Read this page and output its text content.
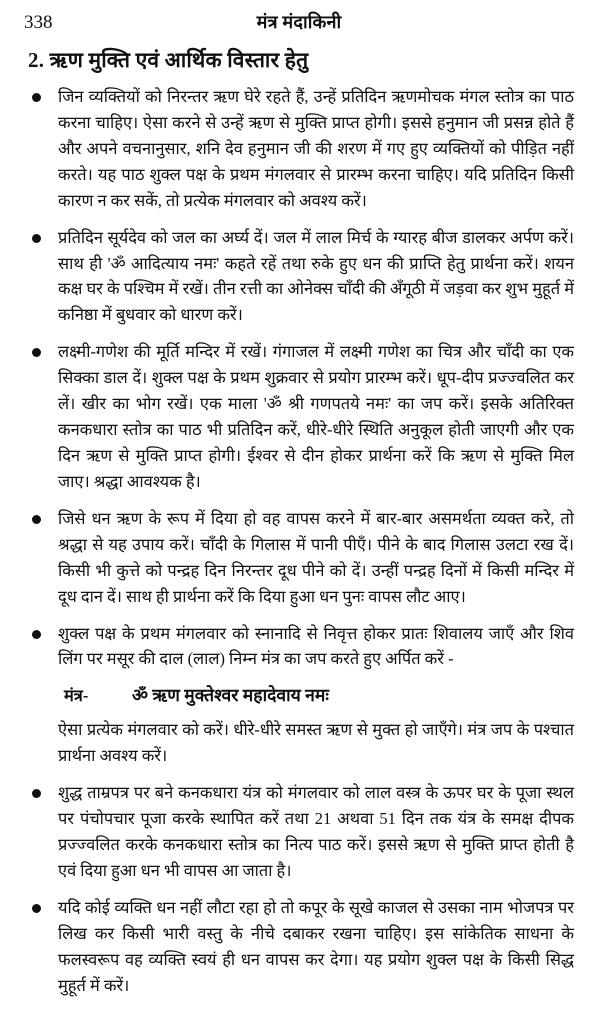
338	मंत्र मंदाकिनी
2. ऋण मुक्ति एवं आर्थिक विस्तार हेतु
जिन व्यक्तियों को निरन्तर ऋण घेरे रहते हैं, उन्हें प्रतिदिन ऋणमोचक मंगल स्तोत्र का पाठ करना चाहिए। ऐसा करने से उन्हें ऋण से मुक्ति प्राप्त होगी। इससे हनुमान जी प्रसन्न होते हैं और अपने वचनानुसार, शनि देव हनुमान जी की शरण में गए हुए व्यक्तियों को पीड़ित नहीं करते। यह पाठ शुक्ल पक्ष के प्रथम मंगलवार से प्रारम्भ करना चाहिए। यदि प्रतिदिन किसी कारण न कर सकें, तो प्रत्येक मंगलवार को अवश्य करें।
प्रतिदिन सूर्यदेव को जल का अर्घ्य दें। जल में लाल मिर्च के ग्यारह बीज डालकर अर्पण करें। साथ ही 'ॐ आदित्याय नमः' कहते रहें तथा रुके हुए धन की प्राप्ति हेतु प्रार्थना करें। शयन कक्ष घर के पश्चिम में रखें। तीन रत्ती का ओनेक्स चाँदी की अँगूठी में जड़वा कर शुभ मुहूर्त में कनिष्ठा में बुधवार को धारण करें।
लक्ष्मी-गणेश की मूर्ति मन्दिर में रखें। गंगाजल में लक्ष्मी गणेश का चित्र और चाँदी का एक सिक्का डाल दें। शुक्ल पक्ष के प्रथम शुक्रवार से प्रयोग प्रारम्भ करें। धूप-दीप प्रज्ज्वलित कर लें। खीर का भोग रखें। एक माला 'ॐ श्री गणपतये नमः' का जप करें। इसके अतिरिक्त कनकधारा स्तोत्र का पाठ भी प्रतिदिन करें, धीरे-धीरे स्थिति अनुकूल होती जाएगी और एक दिन ऋण से मुक्ति प्राप्त होगी। ईश्वर से दीन होकर प्रार्थना करें कि ऋण से मुक्ति मिल जाए। श्रद्धा आवश्यक है।
जिसे धन ऋण के रूप में दिया हो वह वापस करने में बार-बार असमर्थता व्यक्त करे, तो श्रद्धा से यह उपाय करें। चाँदी के गिलास में पानी पीएँ। पीने के बाद गिलास उलटा रख दें। किसी भी कुत्ते को पन्द्रह दिन निरन्तर दूध पीने को दें। उन्हीं पन्द्रह दिनों में किसी मन्दिर में दूध दान दें। साथ ही प्रार्थना करें कि दिया हुआ धन पुनः वापस लौट आए।
शुक्ल पक्ष के प्रथम मंगलवार को स्नानादि से निवृत्त होकर प्रातः शिवालय जाएँ और शिव लिंग पर मसूर की दाल (लाल) निम्न मंत्र का जप करते हुए अर्पित करें -
मंत्र-	ॐ ऋण मुक्तेश्वर महादेवाय नमः
ऐसा प्रत्येक मंगलवार को करें। धीरे-धीरे समस्त ऋण से मुक्त हो जाएँगे। मंत्र जप के पश्चात प्रार्थना अवश्य करें।
शुद्ध ताम्रपत्र पर बने कनकधारा यंत्र को मंगलवार को लाल वस्त्र के ऊपर घर के पूजा स्थल पर पंचोपचार पूजा करके स्थापित करें तथा 21 अथवा 51 दिन तक यंत्र के समक्ष दीपक प्रज्ज्वलित करके कनकधारा स्तोत्र का नित्य पाठ करें। इससे ऋण से मुक्ति प्राप्त होती है एवं दिया हुआ धन भी वापस आ जाता है।
यदि कोई व्यक्ति धन नहीं लौटा रहा हो तो कपूर के सूखे काजल से उसका नाम भोजपत्र पर लिख कर किसी भारी वस्तु के नीचे दबाकर रखना चाहिए। इस सांकेतिक साधना के फलस्वरूप वह व्यक्ति स्वयं ही धन वापस कर देगा। यह प्रयोग शुक्ल पक्ष के किसी सिद्ध मुहूर्त में करें।
